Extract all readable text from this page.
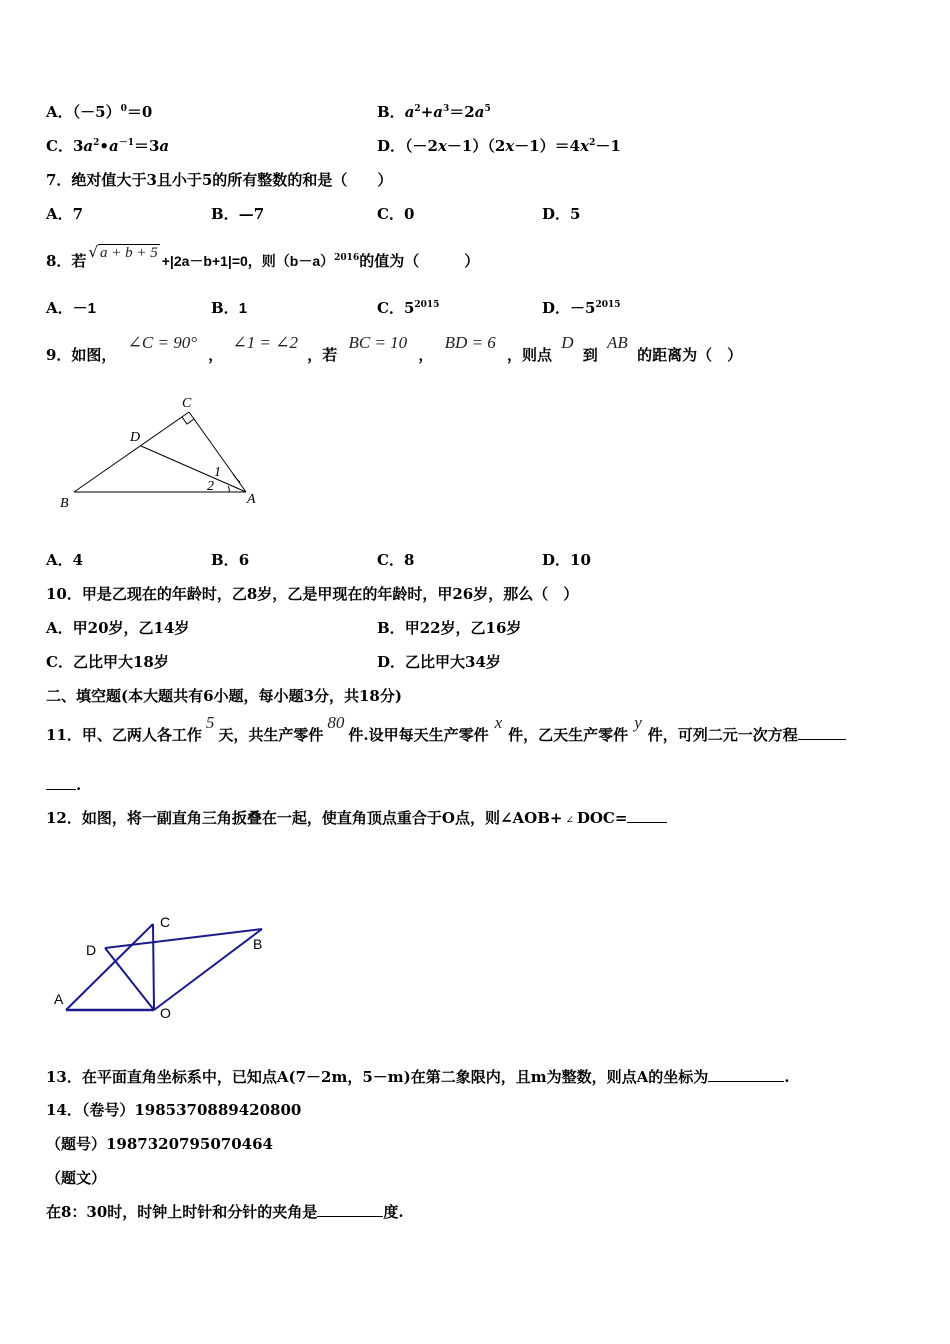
A．$(-5)^0=0$	B．$a^2+a^3=2a^5$
C．$3a^2•a^{-1}=3a$	D．$(-2x-1)(2x-1)=4x^2-1$
7．绝对值大于3且小于5的所有整数的和是（　　）
A．7	B．—7	C．0	D．5
8．若 √ a + b + 5 +|2a－b+1|=0，则$(b-a)^{2016}$的值为（　　　）
A．－1	B．1	C．$5^{2015}$	D．$-5^{2015}$
9．如图， ∠C = 90° ， ∠1 = ∠2 ，若 BC = 10 ， BD = 6 ，则点 D 到 AB 的距离为（　）
C
D
B	A
1
2
A．4	B．6	C．8	D．10
10．甲是乙现在的年龄时，乙8岁，乙是甲现在的年龄时，甲26岁，那么（　）
A．甲20岁，乙14岁	B．甲22岁，乙16岁
C．乙比甲大18岁	D．乙比甲大34岁
二、填空题(本大题共有6小题，每小题3分，共18分)
11．甲、乙两人各工作5天，共生产零件80件.设甲每天生产零件x件，乙天生产零件y件，可列二元一次方程
.
12．如图，将一副直角三角扳叠在一起，使直角顶点重合于O点，则∠AOB+ ∠ DOC=
C
D	B
A
O
13．在平面直角坐标系中，已知点A(7－2m，5－m)在第二象限内，且m为整数，则点A的坐标为	.
14．（卷号）1985370889420800
（题号）1987320795070464
（题文）
在8：30时，时钟上时针和分针的夹角是	度.
